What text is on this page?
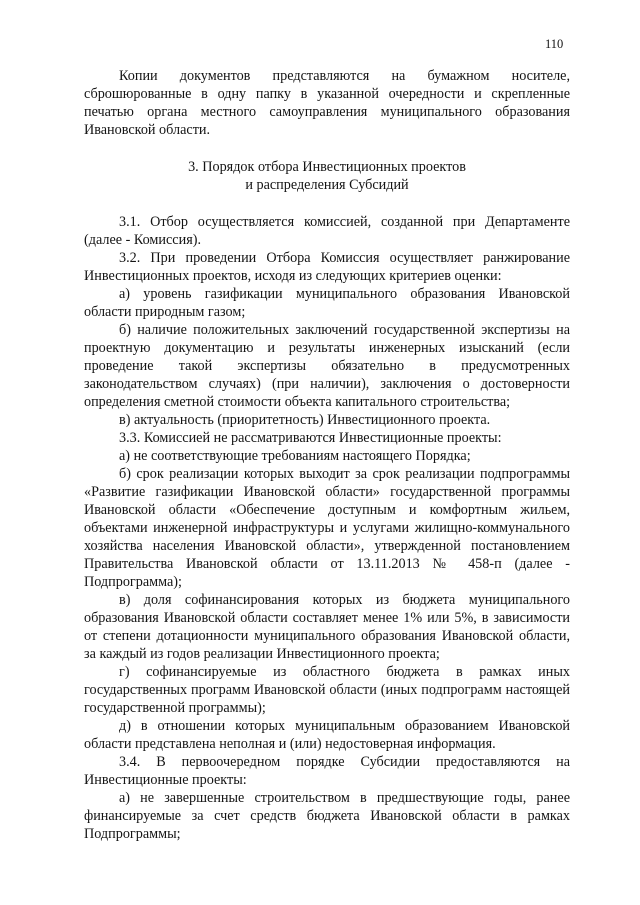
110

Копии документов представляются на бумажном носителе, сброшюрованные в одну папку в указанной очередности и скрепленные печатью органа местного самоуправления муниципального образования Ивановской области.

3. Порядок отбора Инвестиционных проектов

и распределения Субсидий

3.1. Отбор осуществляется комиссией, созданной при Департаменте (далее - Комиссия).

3.2. При проведении Отбора Комиссия осуществляет ранжирование Инвестиционных проектов, исходя из следующих критериев оценки:

а) уровень газификации муниципального образования Ивановской области природным газом;

б) наличие положительных заключений государственной экспертизы на проектную документацию и результаты инженерных изысканий (если проведение такой экспертизы обязательно в предусмотренных законодательством случаях) (при наличии), заключения о достоверности определения сметной стоимости объекта капитального строительства;

в) актуальность (приоритетность) Инвестиционного проекта.

3.3. Комиссией не рассматриваются Инвестиционные проекты:

а) не соответствующие требованиям настоящего Порядка;

б) срок реализации которых выходит за срок реализации подпрограммы «Развитие газификации Ивановской области» государственной программы Ивановской области «Обеспечение доступным и комфортным жильем, объектами инженерной инфраструктуры и услугами жилищно-коммунального хозяйства населения Ивановской области», утвержденной постановлением Правительства Ивановской области от 13.11.2013 № 458-п (далее - Подпрограмма);

в) доля софинансирования которых из бюджета муниципального образования Ивановской области составляет менее 1% или 5%, в зависимости от степени дотационности муниципального образования Ивановской области, за каждый из годов реализации Инвестиционного проекта;

г) софинансируемые из областного бюджета в рамках иных государственных программ Ивановской области (иных подпрограмм настоящей государственной программы);

д) в отношении которых муниципальным образованием Ивановской области представлена неполная и (или) недостоверная информация.

3.4. В первоочередном порядке Субсидии предоставляются на Инвестиционные проекты:

а) не завершенные строительством в предшествующие годы, ранее финансируемые за счет средств бюджета Ивановской области в рамках Подпрограммы;
